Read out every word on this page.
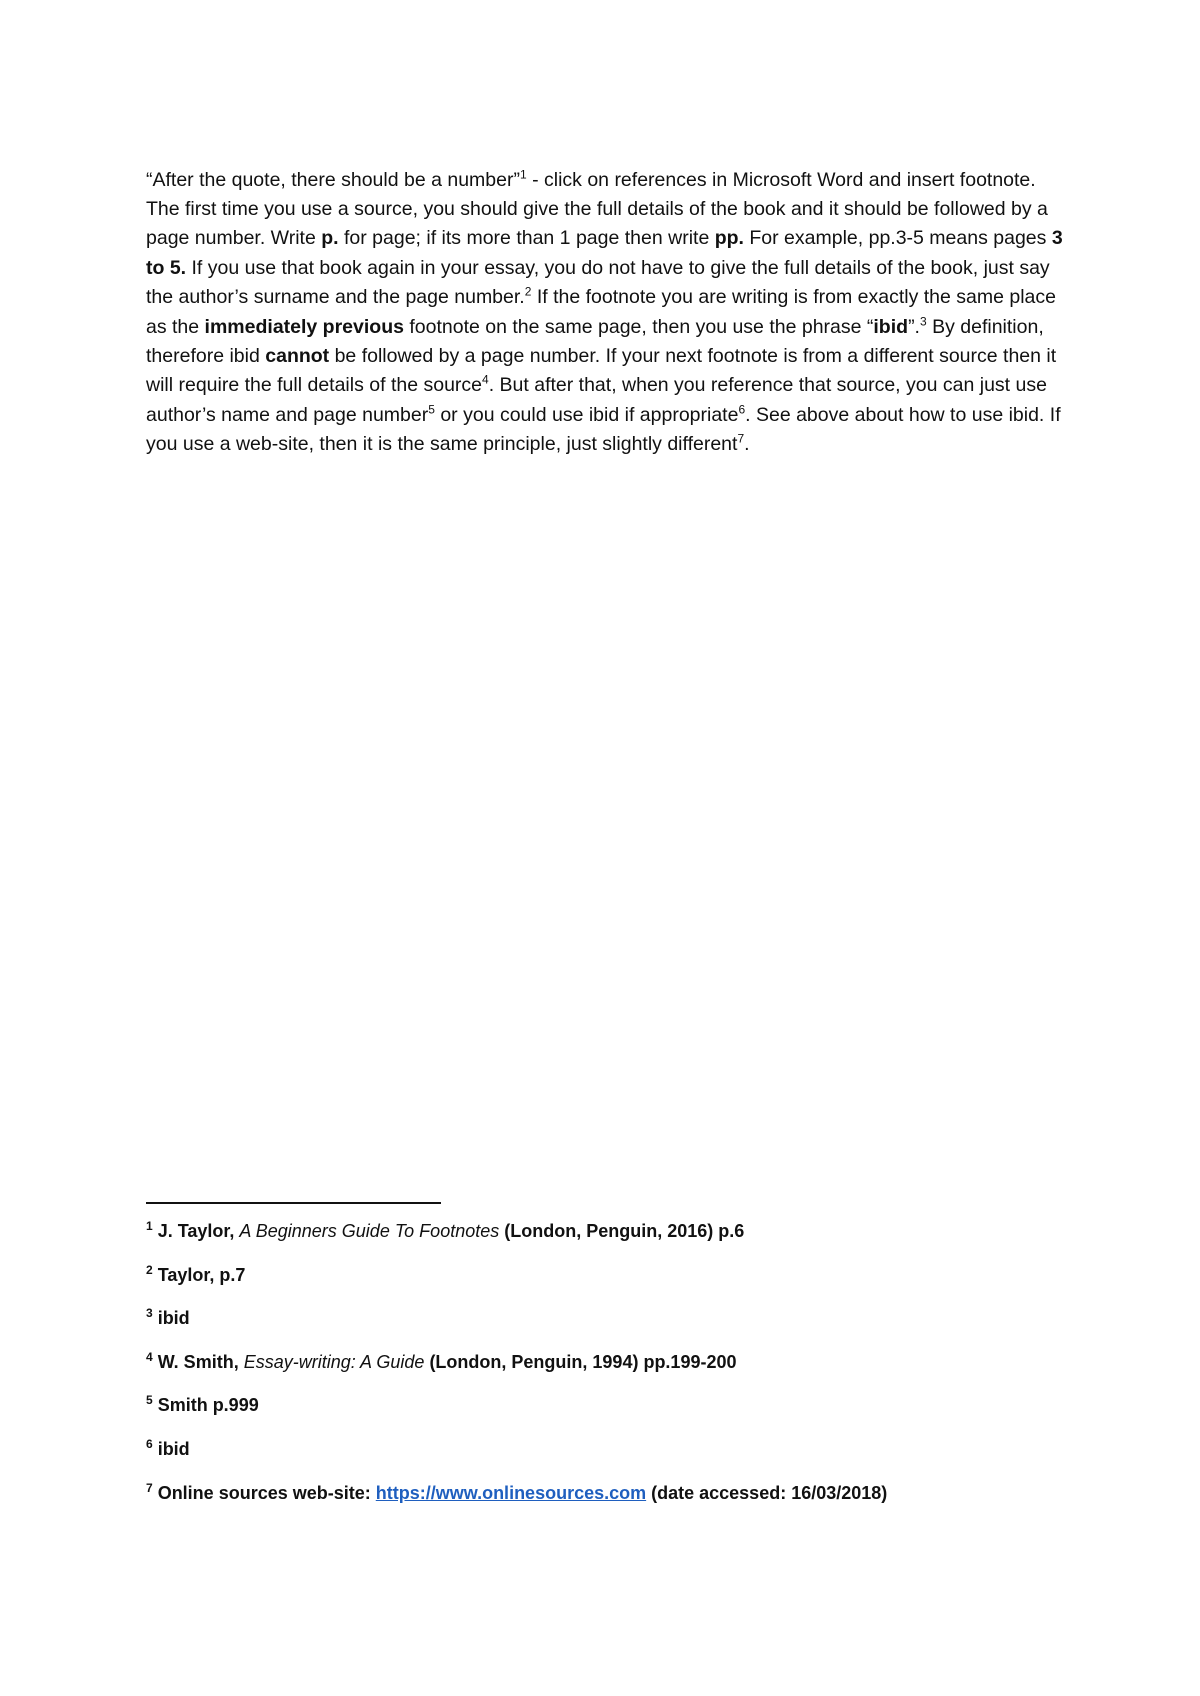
“After the quote, there should be a number”$^1$ - click on references in Microsoft Word and insert footnote. The first time you use a source, you should give the full details of the book and it should be followed by a page number. Write p. for page; if its more than 1 page then write pp. For example, pp.3-5 means pages 3 to 5. If you use that book again in your essay, you do not have to give the full details of the book, just say the author’s surname and the page number.$^2$ If the footnote you are writing is from exactly the same place as the immediately previous footnote on the same page, then you use the phrase “ibid”.$^3$ By definition, therefore ibid cannot be followed by a page number. If your next footnote is from a different source then it will require the full details of the source$^4$. But after that, when you reference that source, you can just use author’s name and page number$^5$ or you could use ibid if appropriate$^6$. See above about how to use ibid. If you use a web-site, then it is the same principle, just slightly different$^7$.

$^1$ J. Taylor, A Beginners Guide To Footnotes (London, Penguin, 2016) p.6
$^2$ Taylor, p.7
$^3$ ibid
$^4$ W. Smith, Essay-writing: A Guide (London, Penguin, 1994) pp.199-200
$^5$ Smith p.999
$^6$ ibid
$^7$ Online sources web-site: https://www.onlinesources.com (date accessed: 16/03/2018)
